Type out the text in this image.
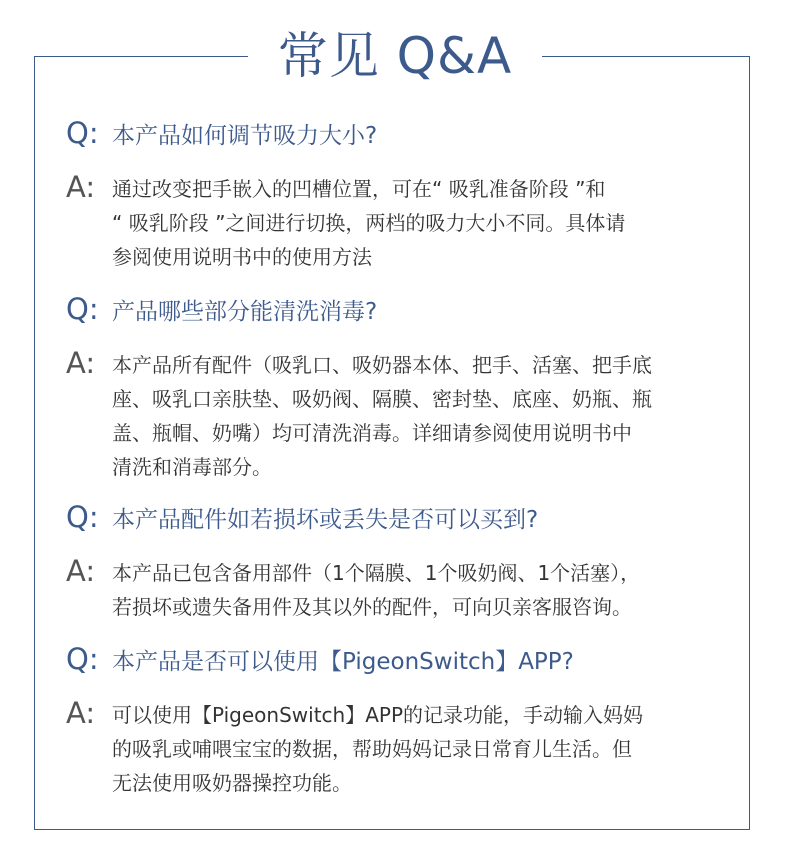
常见 Q&A
Q: 本产品如何调节吸力大小?
A: 通过改变把手嵌入的凹槽位置，可在“ 吸乳准备阶段 ”和
“ 吸乳阶段 ”之间进行切换，两档的吸力大小不同。具体请
参阅使用说明书中的使用方法
Q: 产品哪些部分能清洗消毒?
A: 本产品所有配件（吸乳口、吸奶器本体、把手、活塞、把手底
座、吸乳口亲肤垫、吸奶阀、隔膜、密封垫、底座、奶瓶、瓶
盖、瓶帽、奶嘴）均可清洗消毒。详细请参阅使用说明书中
清洗和消毒部分。
Q: 本产品配件如若损坏或丢失是否可以买到?
A: 本产品已包含备用部件（1个隔膜、1个吸奶阀、1个活塞），
若损坏或遗失备用件及其以外的配件，可向贝亲客服咨询。
Q: 本产品是否可以使用【PigeonSwitch】APP?
A: 可以使用【PigeonSwitch】APP的记录功能，手动输入妈妈
的吸乳或哺喂宝宝的数据，帮助妈妈记录日常育儿生活。但
无法使用吸奶器操控功能。
